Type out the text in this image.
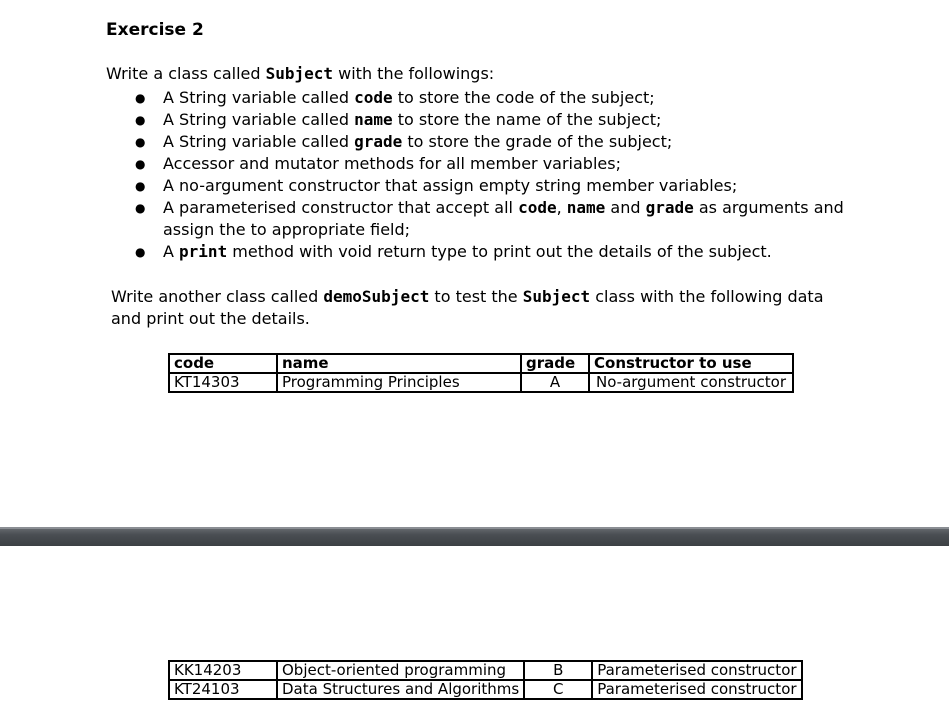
Exercise 2
Write a class called Subject with the followings:
● A String variable called code to store the code of the subject;
● A String variable called name to store the name of the subject;
● A String variable called grade to store the grade of the subject;
● Accessor and mutator methods for all member variables;
● A no-argument constructor that assign empty string member variables;
● A parameterised constructor that accept all code, name and grade as arguments and assign the to appropriate field;
● A print method with void return type to print out the details of the subject.
Write another class called demoSubject to test the Subject class with the following data and print out the details.
code	name	grade	Constructor to use
KT14303	Programming Principles	A	No-argument constructor
KK14203	Object-oriented programming	B	Parameterised constructor
KT24103	Data Structures and Algorithms	C	Parameterised constructor
